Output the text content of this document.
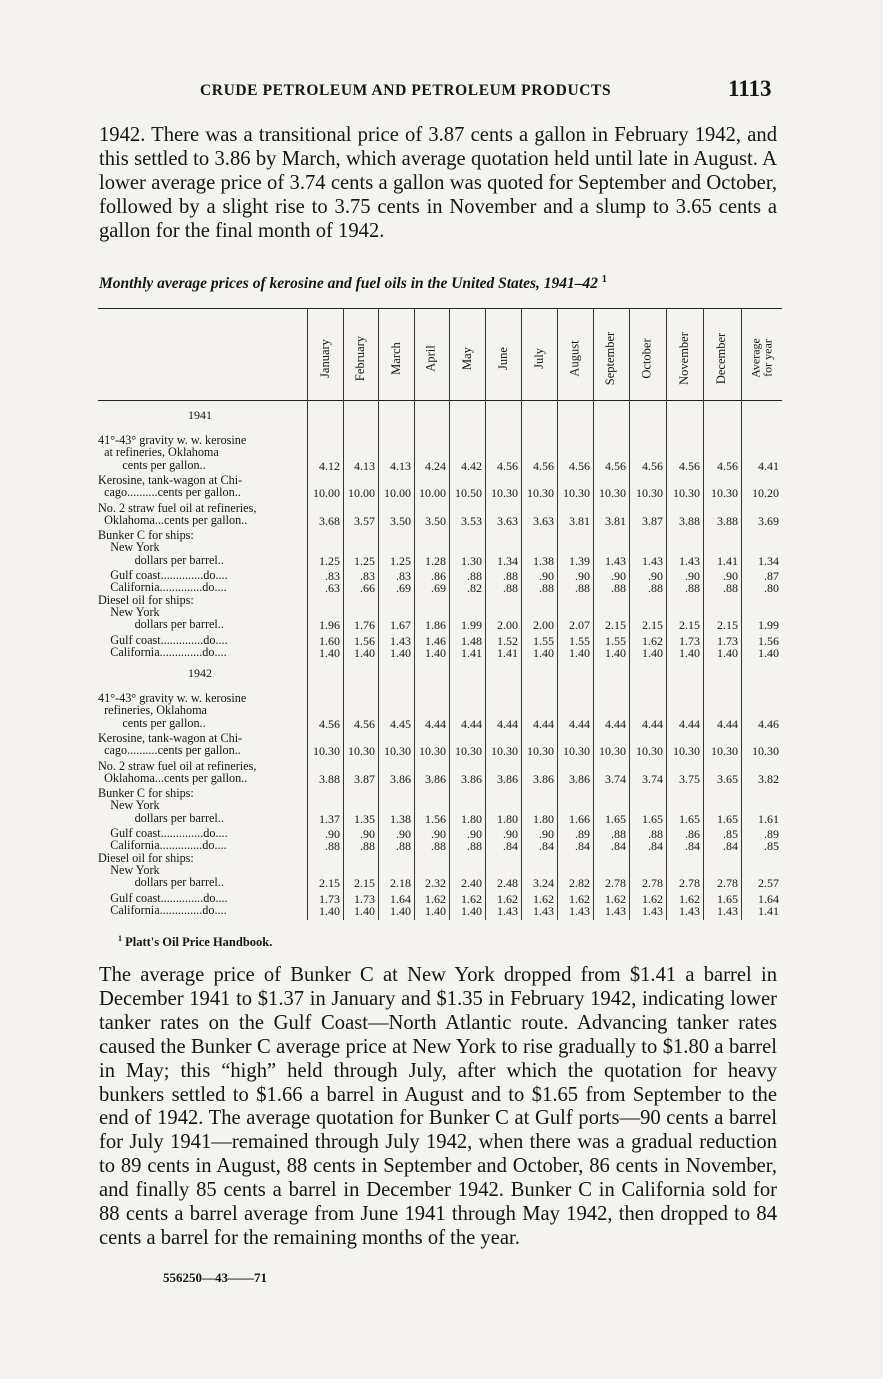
CRUDE PETROLEUM AND PETROLEUM PRODUCTS	1113

1942. There was a transitional price of 3.87 cents a gallon in February 1942, and this settled to 3.86 by March, which average quotation held until late in August. A lower average price of 3.74 cents a gallon was quoted for September and October, followed by a slight rise to 3.75 cents in November and a slump to 3.65 cents a gallon for the final month of 1942.

Monthly average prices of kerosine and fuel oils in the United States, 1941–42 $^1$
January February March April May June July August September October November December Average for year
1941
41°-43° gravity w. w. kerosine
at refineries, Oklahoma
cents per gallon..	4.12	4.13	4.13	4.24	4.42	4.56	4.56	4.56	4.56	4.56	4.56	4.56	4.41
Kerosine, tank-wagon at Chi-
cago..........cents per gallon..	10.00 10.00 10.00 10.00 10.50 10.30 10.30 10.30 10.30 10.30 10.30 10.30	10.20
No. 2 straw fuel oil at refineries,
Oklahoma...cents per gallon..	3.68	3.57	3.50	3.50	3.53	3.63	3.63	3.81	3.81	3.87	3.88	3.88	3.69
Bunker C for ships:
New York
dollars per barrel..	1.25	1.25	1.25	1.28	1.30	1.34	1.38	1.39	1.43	1.43	1.43	1.41	1.34
Gulf coast..............do....	.83	.83	.83	.86	.88	.88	.90	.90	.90	.90	.90	.90	.87
California..............do....	.63	.66	.69	.69	.82	.88	.88	.88	.88	.88	.88	.88	.80
Diesel oil for ships:
New York
dollars per barrel..	1.96	1.76	1.67	1.86	1.99	2.00	2.00	2.07	2.15	2.15	2.15	2.15	1.99
Gulf coast..............do....	1.60	1.56	1.43	1.46	1.48	1.52	1.55	1.55	1.55	1.62	1.73	1.73	1.56
California..............do....	1.40	1.40	1.40	1.40	1.41	1.41	1.40	1.40	1.40	1.40	1.40	1.40	1.40
1942
41°-43° gravity w. w. kerosine
refineries, Oklahoma
cents per gallon..	4.56	4.56	4.45	4.44	4.44	4.44	4.44	4.44	4.44	4.44	4.44	4.44	4.46
Kerosine, tank-wagon at Chi-
cago..........cents per gallon..	10.30 10.30 10.30 10.30 10.30 10.30 10.30 10.30 10.30 10.30 10.30 10.30	10.30
No. 2 straw fuel oil at refineries,
Oklahoma...cents per gallon..	3.88	3.87	3.86	3.86	3.86	3.86	3.86	3.86	3.74	3.74	3.75	3.65	3.82
Bunker C for ships:
New York
dollars per barrel..	1.37	1.35	1.38	1.56	1.80	1.80	1.80	1.66	1.65	1.65	1.65	1.65	1.61
Gulf coast..............do....	.90	.90	.90	.90	.90	.90	.90	.89	.88	.88	.86	.85	.89
California..............do....	.88	.88	.88	.88	.88	.84	.84	.84	.84	.84	.84	.84	.85
Diesel oil for ships:
New York
dollars per barrel..	2.15	2.15	2.18	2.32	2.40	2.48	3.24	2.82	2.78	2.78	2.78	2.78	2.57
Gulf coast..............do....	1.73	1.73	1.64	1.62	1.62	1.62	1.62	1.62	1.62	1.62	1.62	1.65	1.64
California..............do....	1.40	1.40	1.40	1.40	1.40	1.43	1.43	1.43	1.43	1.43	1.43	1.43	1.41
$^1$ Platt's Oil Price Handbook.

The average price of Bunker C at New York dropped from $1.41 a barrel in December 1941 to $1.37 in January and $1.35 in February 1942, indicating lower tanker rates on the Gulf Coast—North Atlantic route. Advancing tanker rates caused the Bunker C average price at New York to rise gradually to $1.80 a barrel in May; this “high” held through July, after which the quotation for heavy bunkers settled to $1.66 a barrel in August and to $1.65 from September to the end of 1942. The average quotation for Bunker C at Gulf ports—90 cents a barrel for July 1941—remained through July 1942, when there was a gradual reduction to 89 cents in August, 88 cents in September and October, 86 cents in November, and finally 85 cents a barrel in December 1942. Bunker C in California sold for 88 cents a barrel average from June 1941 through May 1942, then dropped to 84 cents a barrel for the remaining months of the year.

556250—43——71
